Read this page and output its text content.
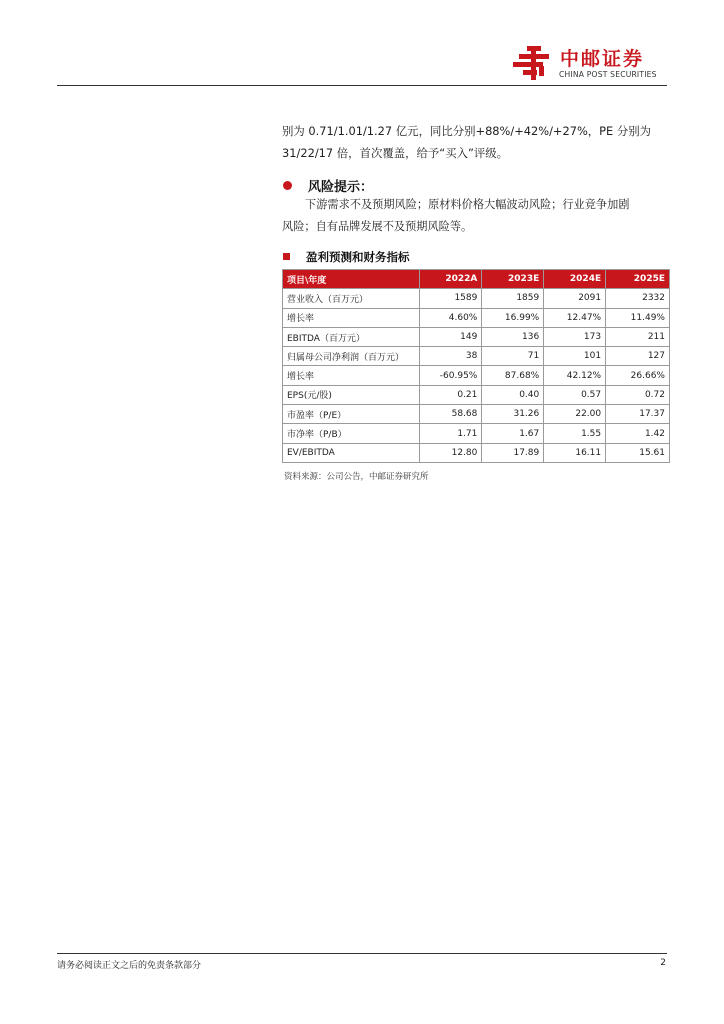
中邮证券
CHINA POST SECURITIES
别为 0.71/1.01/1.27 亿元，同比分别+88%/+42%/+27%，PE 分别为
31/22/17 倍，首次覆盖，给予“买入”评级。
风险提示：
下游需求不及预期风险；原材料价格大幅波动风险；行业竞争加剧
风险；自有品牌发展不及预期风险等。
盈利预测和财务指标
项目\年度	2022A	2023E	2024E	2025E
营业收入（百万元）	1589	1859	2091	2332
增长率	4.60%	16.99%	12.47%	11.49%
EBITDA（百万元）	149	136	173	211
归属母公司净利润（百万元）	38	71	101	127
增长率	-60.95%	87.68%	42.12%	26.66%
EPS(元/股)	0.21	0.40	0.57	0.72
市盈率（P/E）	58.68	31.26	22.00	17.37
市净率（P/B）	1.71	1.67	1.55	1.42
EV/EBITDA	12.80	17.89	16.11	15.61
资料来源：公司公告，中邮证券研究所
请务必阅读正文之后的免责条款部分	2
